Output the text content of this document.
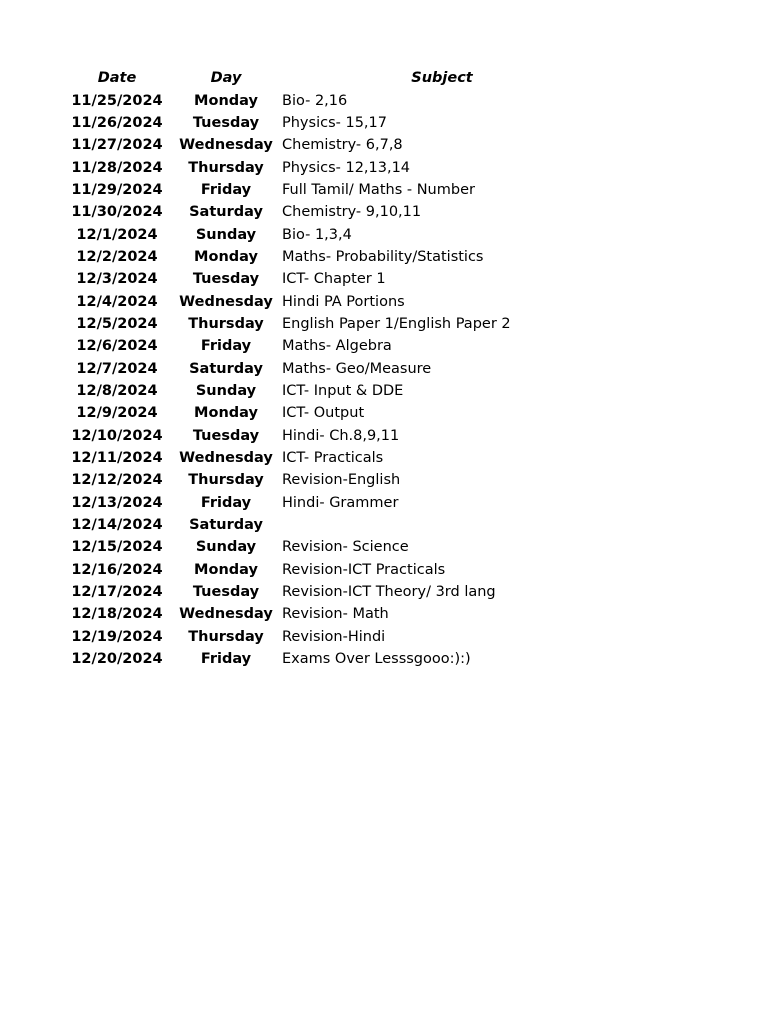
Date	Day	Subject
11/25/2024	Monday	Bio- 2,16
11/26/2024	Tuesday	Physics- 15,17
11/27/2024	Wednesday	Chemistry- 6,7,8
11/28/2024	Thursday	Physics- 12,13,14
11/29/2024	Friday	Full Tamil/ Maths - Number
11/30/2024	Saturday	Chemistry- 9,10,11
12/1/2024	Sunday	Bio- 1,3,4
12/2/2024	Monday	Maths- Probability/Statistics
12/3/2024	Tuesday	ICT- Chapter 1
12/4/2024	Wednesday	Hindi PA Portions
12/5/2024	Thursday	English Paper 1/English Paper 2
12/6/2024	Friday	Maths- Algebra
12/7/2024	Saturday	Maths- Geo/Measure
12/8/2024	Sunday	ICT- Input & DDE
12/9/2024	Monday	ICT- Output
12/10/2024	Tuesday	Hindi- Ch.8,9,11
12/11/2024	Wednesday	ICT- Practicals
12/12/2024	Thursday	Revision-English
12/13/2024	Friday	Hindi- Grammer
12/14/2024	Saturday	
12/15/2024	Sunday	Revision- Science
12/16/2024	Monday	Revision-ICT Practicals
12/17/2024	Tuesday	Revision-ICT Theory/ 3rd lang
12/18/2024	Wednesday	Revision- Math
12/19/2024	Thursday	Revision-Hindi
12/20/2024	Friday	Exams Over Lesssgooo:):)
